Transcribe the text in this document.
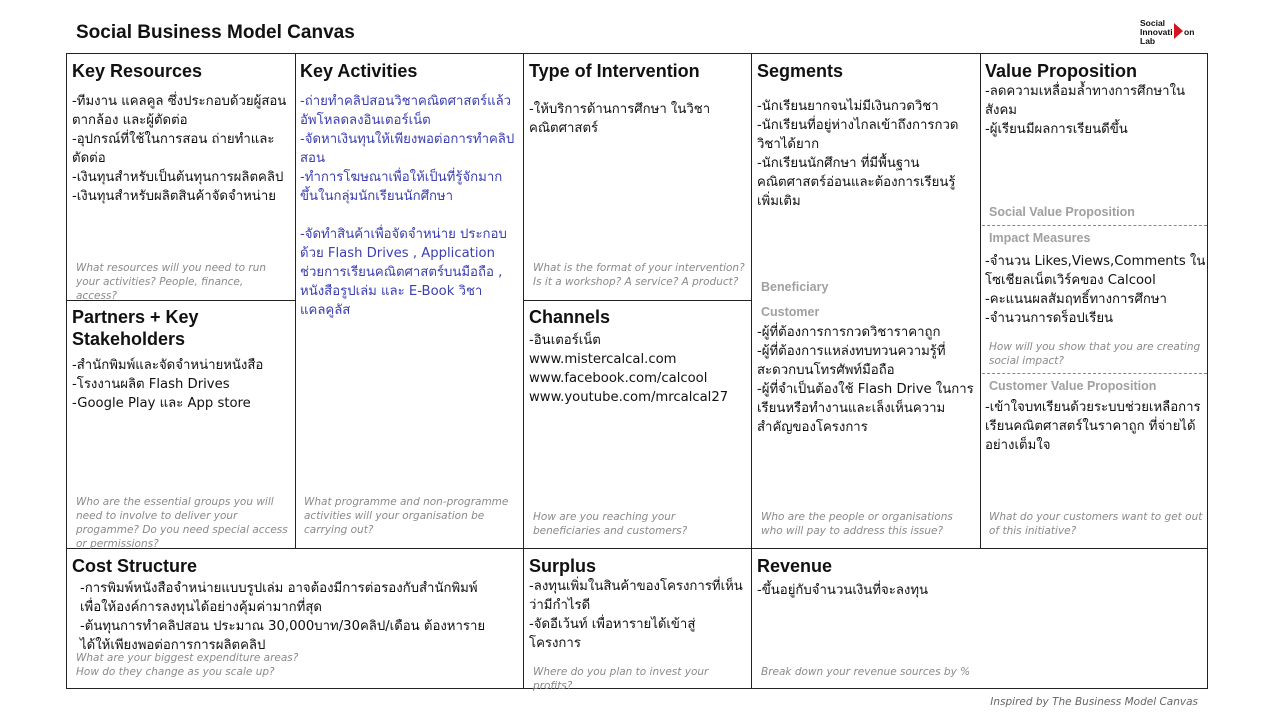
Social Business Model Canvas	Social
Innovati on
Lab
Key Resources
-ทีมงาน แคลคูล ซึ่งประกอบด้วยผู้สอน ตากล้อง และผู้ตัดต่อ
-อุปกรณ์ที่ใช้ในการสอน ถ่ายทำและตัดต่อ
-เงินทุนสำหรับเป็นต้นทุนการผลิตคลิป
-เงินทุนสำหรับผลิตสินค้าจัดจำหน่าย
What resources will you need to run your activities? People, finance, access?
Partners + Key Stakeholders
-สำนักพิมพ์และจัดจำหน่ายหนังสือ
-โรงงานผลิต Flash Drives
-Google Play และ App store
Who are the essential groups you will need to involve to deliver your progamme? Do you need special access or permissions?
Key Activities
-ถ่ายทำคลิปสอนวิชาคณิตศาสตร์แล้วอัพโหลดลงอินเตอร์เน็ต
-จัดหาเงินทุนให้เพียงพอต่อการทำคลิปสอน
-ทำการโฆษณาเพื่อให้เป็นที่รู้จักมากขึ้นในกลุ่มนักเรียนนักศึกษา
-จัดทำสินค้าเพื่อจัดจำหน่าย ประกอบด้วย Flash Drives , Application ช่วยการเรียนคณิตศาสตร์บนมือถือ , หนังสือรูปเล่ม และ E-Book วิชา แคลคูลัส
What programme and non-programme activities will your organisation be carrying out?
Type of Intervention
-ให้บริการด้านการศึกษา ในวิชาคณิตศาสตร์
What is the format of your intervention? Is it a workshop? A service? A product?
Channels
-อินเตอร์เน็ต
www.mistercalcal.com
www.facebook.com/calcool
www.youtube.com/mrcalcal27
How are you reaching your beneficiaries and customers?
Segments
-นักเรียนยากจนไม่มีเงินกวดวิชา
-นักเรียนที่อยู่ห่างไกลเข้าถึงการกวดวิชาได้ยาก
-นักเรียนนักศึกษา ที่มีพื้นฐานคณิตศาสตร์อ่อนและต้องการเรียนรู้เพิ่มเติม
Beneficiary
Customer
-ผู้ที่ต้องการการกวดวิชาราคาถูก
-ผู้ที่ต้องการแหล่งทบทวนความรู้ที่สะดวกบนโทรศัพท์มือถือ
-ผู้ที่จำเป็นต้องใช้ Flash Drive ในการเรียนหรือทำงานและเล็งเห็นความสำคัญของโครงการ
Who are the people or organisations who will pay to address this issue?
Value Proposition
-ลดความเหลื่อมล้ำทางการศึกษาในสังคม
-ผู้เรียนมีผลการเรียนดีขึ้น
Social Value Proposition
Impact Measures
-จำนวน Likes,Views,Comments ในโซเชียลเน็ตเวิร์คของ Calcool
-คะแนนผลสัมฤทธิ์ทางการศึกษา
-จำนวนการดร็อปเรียน
How will you show that you are creating social impact?
Customer Value Proposition
-เข้าใจบทเรียนด้วยระบบช่วยเหลือการเรียนคณิตศาสตร์ในราคาถูก ที่จ่ายได้อย่างเต็มใจ
What do your customers want to get out of this initiative?
Cost Structure
-การพิมพ์หนังสือจำหน่ายแบบรูปเล่ม อาจต้องมีการต่อรองกับสำนักพิมพ์เพื่อให้องค์การลงทุนได้อย่างคุ้มค่ามากที่สุด
-ต้นทุนการทำคลิปสอน ประมาณ 30,000บาท/30คลิป/เดือน ต้องหารายได้ให้เพียงพอต่อการการผลิตคลิป
What are your biggest expenditure areas? How do they change as you scale up?
Surplus
-ลงทุนเพิ่มในสินค้าของโครงการที่เห็นว่ามีกำไรดี
-จัดอีเว้นท์ เพื่อหารายได้เข้าสู่โครงการ
Where do you plan to invest your profits?
Revenue
-ขึ้นอยู่กับจำนวนเงินที่จะลงทุน
Break down your revenue sources by %
Inspired by The Business Model Canvas
